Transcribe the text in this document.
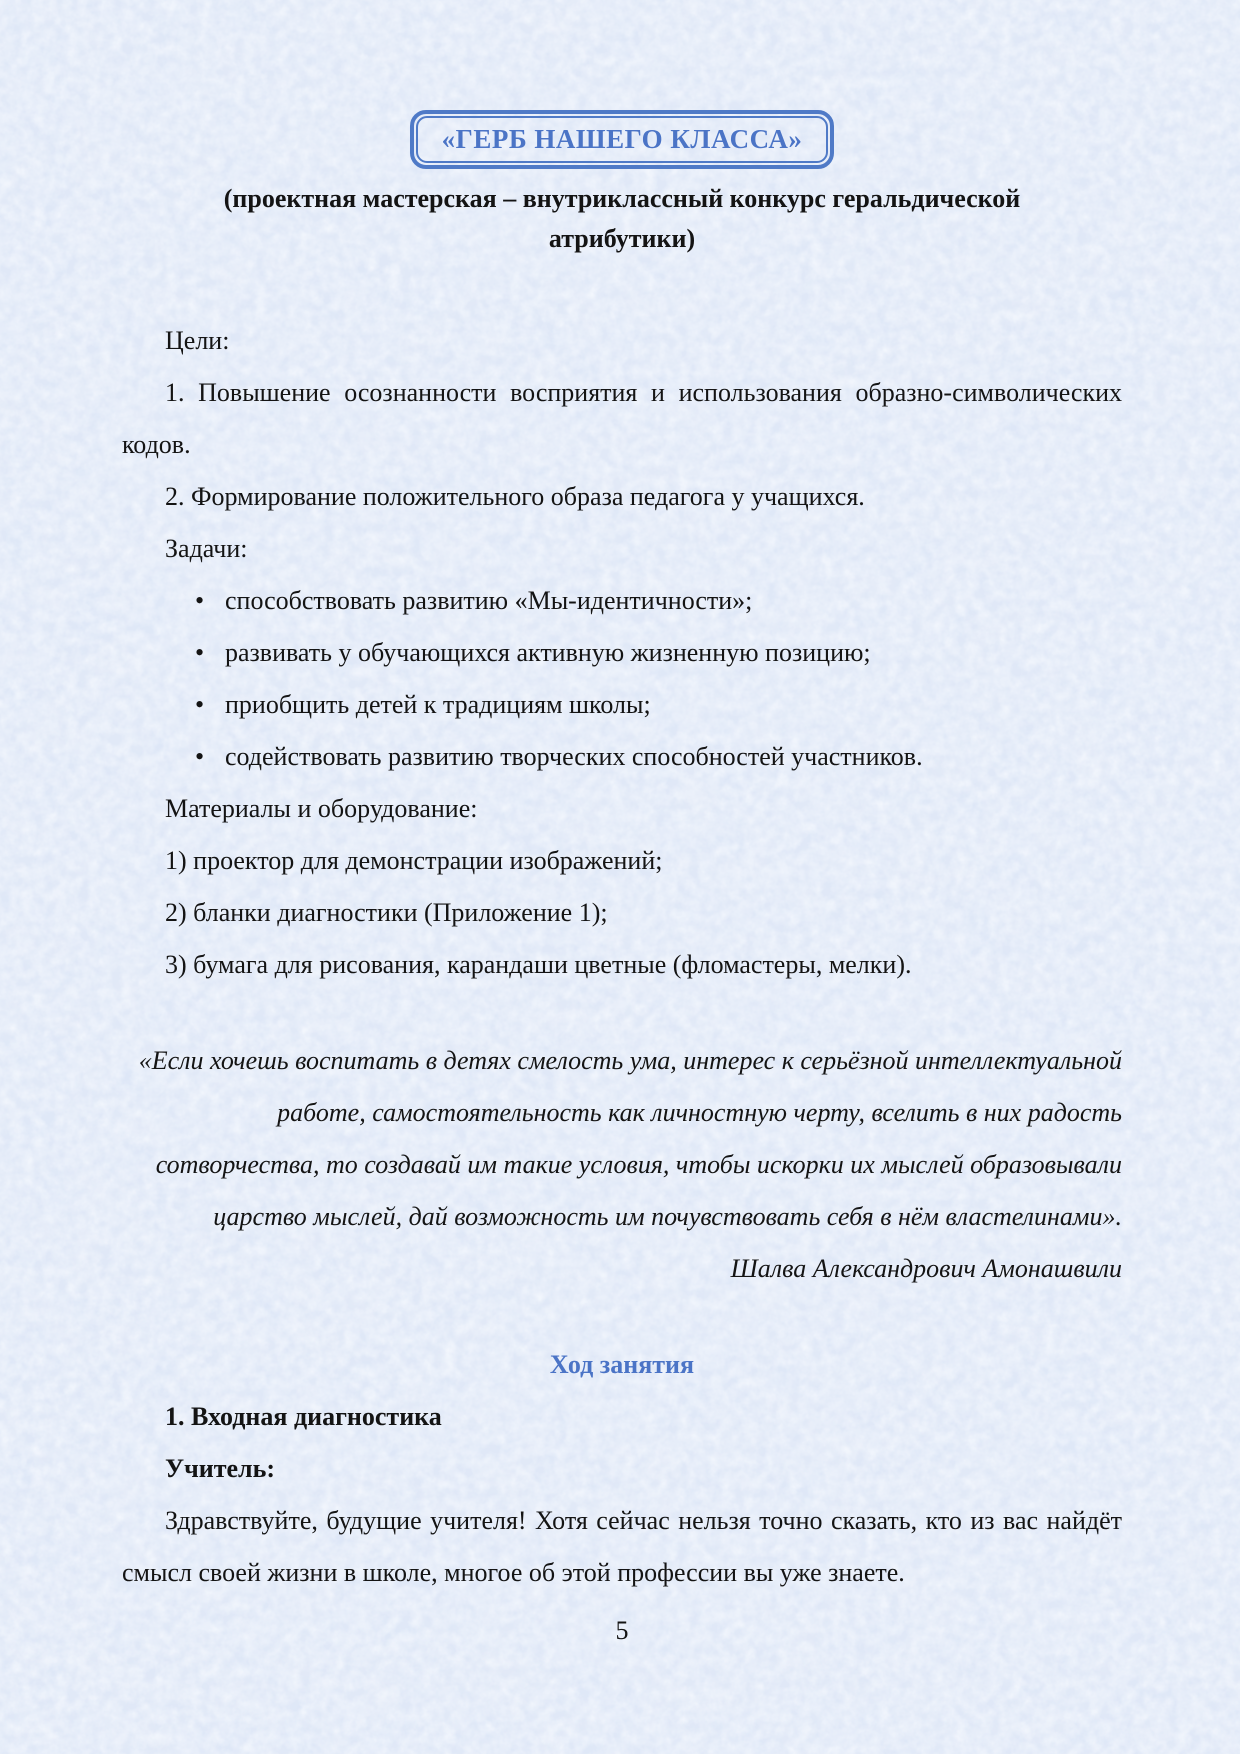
«ГЕРБ НАШЕГО КЛАССА»
(проектная мастерская – внутриклассный конкурс геральдической атрибутики)

Цели:

1. Повышение осознанности восприятия и использования образно-символических кодов.

2. Формирование положительного образа педагога у учащихся.

Задачи:

• способствовать развитию «Мы-идентичности»;
• развивать у обучающихся активную жизненную позицию;
• приобщить детей к традициям школы;
• содействовать развитию творческих способностей участников.

Материалы и оборудование:

1) проектор для демонстрации изображений;

2) бланки диагностики (Приложение 1);

3) бумага для рисования, карандаши цветные (фломастеры, мелки).

«Если хочешь воспитать в детях смелость ума, интерес к серьёзной интеллектуальной работе, самостоятельность как личностную черту, вселить в них радость сотворчества, то создавай им такие условия, чтобы искорки их мыслей образовывали царство мыслей, дай возможность им почувствовать себя в нём властелинами».

Шалва Александрович Амонашвили

Ход занятия

1. Входная диагностика

Учитель:

Здравствуйте, будущие учителя! Хотя сейчас нельзя точно сказать, кто из вас найдёт смысл своей жизни в школе, многое об этой профессии вы уже знаете.

5
